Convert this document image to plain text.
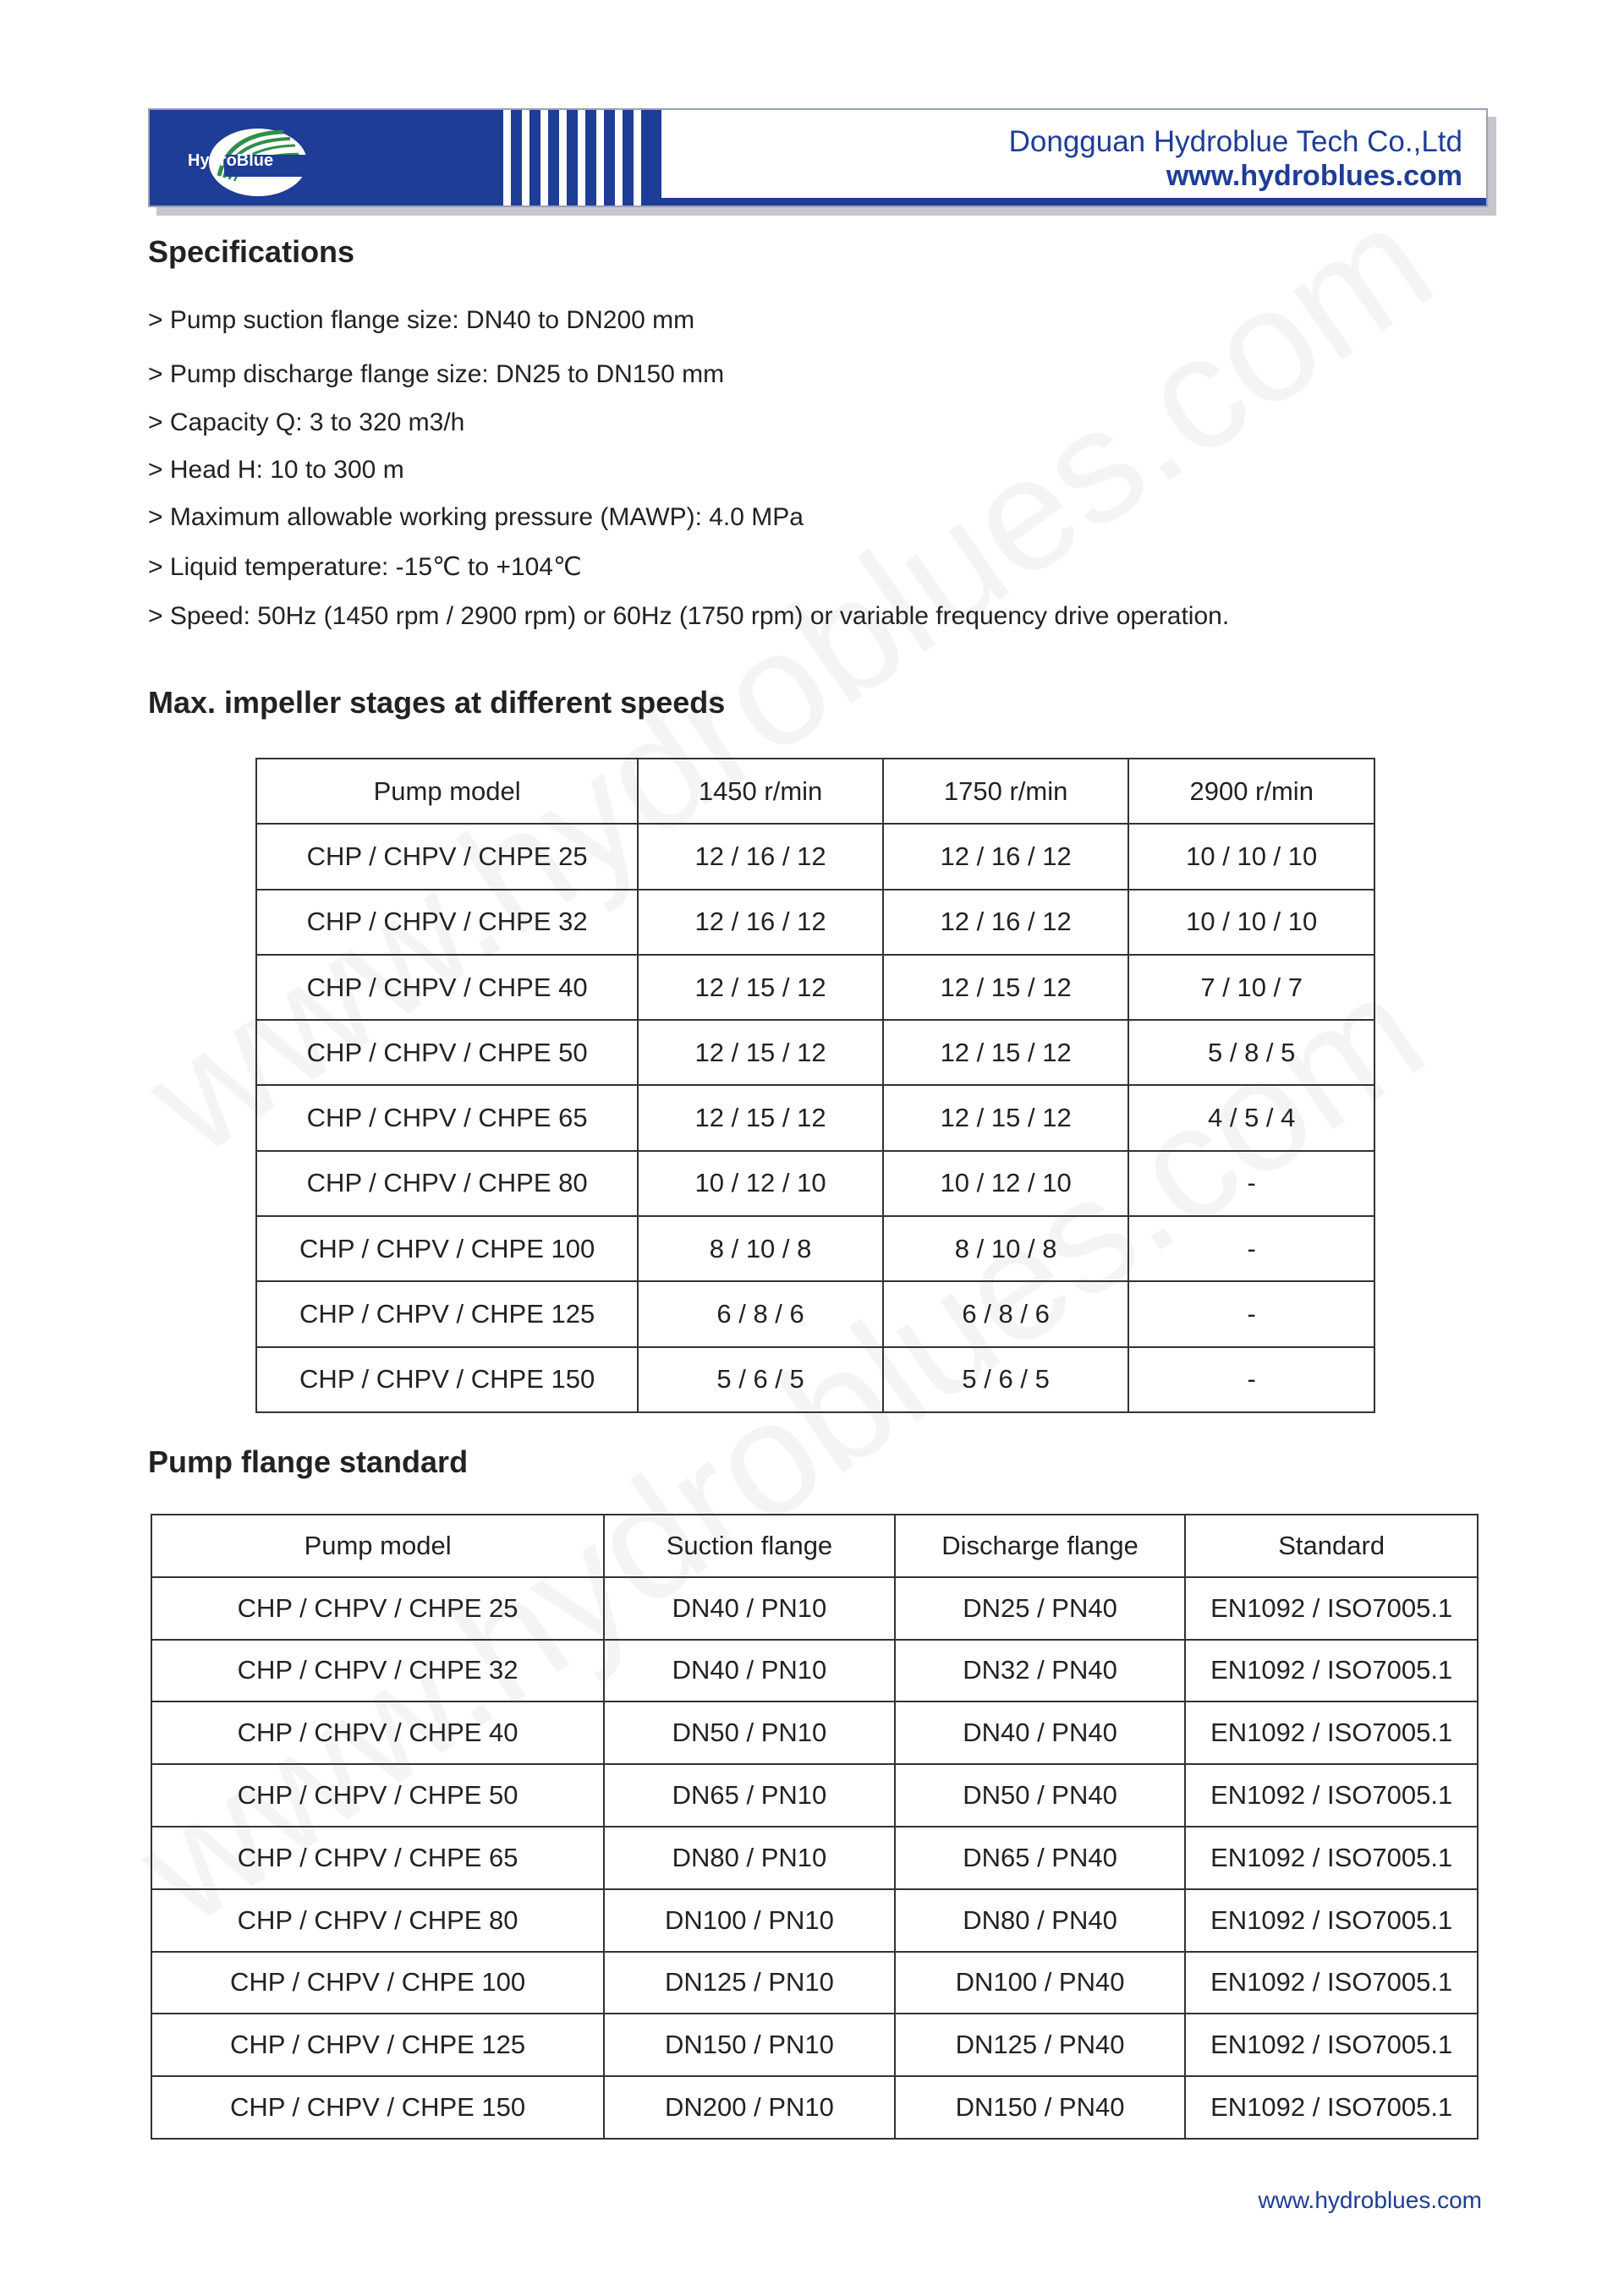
HydroBlue
Dongguan Hydroblue Tech Co.,Ltd
www.hydroblues.com
Specifications
> Pump suction flange size: DN40 to DN200 mm
> Pump discharge flange size: DN25 to DN150 mm
> Capacity Q: 3 to 320 m3/h
> Head H: 10 to 300 m
> Maximum allowable working pressure (MAWP): 4.0 MPa
> Liquid temperature: -15℃ to +104℃
> Speed: 50Hz (1450 rpm / 2900 rpm) or 60Hz (1750 rpm) or variable frequency drive operation.
Max. impeller stages at different speeds
Pump model	1450 r/min	1750 r/min	2900 r/min
CHP / CHPV / CHPE 25	12 / 16 / 12	12 / 16 / 12	10 / 10 / 10
CHP / CHPV / CHPE 32	12 / 16 / 12	12 / 16 / 12	10 / 10 / 10
CHP / CHPV / CHPE 40	12 / 15 / 12	12 / 15 / 12	7 / 10 / 7
CHP / CHPV / CHPE 50	12 / 15 / 12	12 / 15 / 12	5 / 8 / 5
CHP / CHPV / CHPE 65	12 / 15 / 12	12 / 15 / 12	4 / 5 / 4
CHP / CHPV / CHPE 80	10 / 12 / 10	10 / 12 / 10	-
CHP / CHPV / CHPE 100	8 / 10 / 8	8 / 10 / 8	-
CHP / CHPV / CHPE 125	6 / 8 / 6	6 / 8 / 6	-
CHP / CHPV / CHPE 150	5 / 6 / 5	5 / 6 / 5	-
Pump flange standard
Pump model	Suction flange	Discharge flange	Standard
CHP / CHPV / CHPE 25	DN40 / PN10	DN25 / PN40	EN1092 / ISO7005.1
CHP / CHPV / CHPE 32	DN40 / PN10	DN32 / PN40	EN1092 / ISO7005.1
CHP / CHPV / CHPE 40	DN50 / PN10	DN40 / PN40	EN1092 / ISO7005.1
CHP / CHPV / CHPE 50	DN65 / PN10	DN50 / PN40	EN1092 / ISO7005.1
CHP / CHPV / CHPE 65	DN80 / PN10	DN65 / PN40	EN1092 / ISO7005.1
CHP / CHPV / CHPE 80	DN100 / PN10	DN80 / PN40	EN1092 / ISO7005.1
CHP / CHPV / CHPE 100	DN125 / PN10	DN100 / PN40	EN1092 / ISO7005.1
CHP / CHPV / CHPE 125	DN150 / PN10	DN125 / PN40	EN1092 / ISO7005.1
CHP / CHPV / CHPE 150	DN200 / PN10	DN150 / PN40	EN1092 / ISO7005.1
www.hydroblues.com
